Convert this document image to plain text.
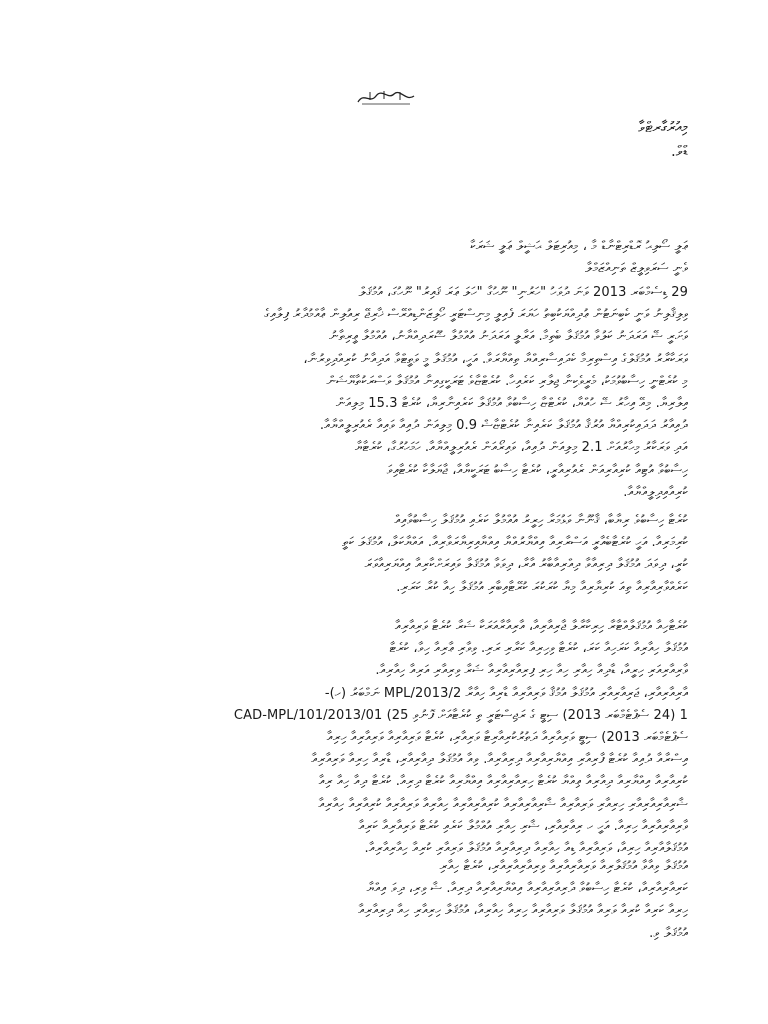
މިއުރުގާރޓްވާ
ޑްވް.
ޢަލީ ސޯލިޙު ރޮޑްރިޓްނާޑް މާ ، މިއުރިޓަލް ޙަޝީލް ޢަލީ ޝަރަކާ
ވެނީ ސަރަވިލީޒް ތަނިއްޒަމްލާ
29 ޑިސެމްބަރ 2013 ވަނަ ދުވަހު "ހަރުނި" ނޫހުގާ "ހަލަ ޢަރަ ޤައިރު" ނޫހުގަ، އުމުޤަލް
ވިލިޤާލިނު ވަނީ ކެބިނަޓުން ޢުދިއްޔަކުބިތު ހަޔަރަ ފެއިލީ މިނިސްޓަރީ ހޯލިޒަންޑިއްރޭސް ޚާރިޖޭ ރިއުލިން ޢާއްމުދާރު ފިލާއިގެ
ވަށަރީ ޝޭ އަރަދަނު ކަލުވާ އުމުޤަލާ ބެތިމާ. އަރާލީ އަރަދަނު އުއްމުލާ ޝޫރަދިއްޔާނު، އުއްމުލާ ޢީރިތާނު
ވަރަކާރާރު އުމުޤަލްގެ އިސްތިރިމާ ކެދައިސާރިއްޔާ ތިއްޔާރަވާ. އަހީ، އުމުޤަލާ މީ ވަތީޓްވާ އަދިއާނު ކުރިއްދިވިރުނާ،
މި ކުރެޓްނީ ހިސާބުވުމަކު، މެރީވެކިނާ ޖިލާރި ކަރެއިހާ. ކުރެޓްޏާވެ ޓަރަކީގިއިނާ އުމުޤަލާ ވަސްރަކުތާޔޭޝަން
އިލާރިޔާ. މިއޭ އިހާރު ޝޭ ހުއްޔާ، ކުރެޓްޏާ ހިސާބުވާ އުމުޤަލާ ކަރެއިނާރިޔާ، ކުރެޓާ 15.3 މިލިއަން
ދުއިއާރު ދަދައިކުރިއްޔާ އުރުޤާ އުމުޤަލާ ކަރެއިނާ ކުރެޓްޏާޝް 0.9 މިލިއަން ދުއިއާ ވައިއާ ރެއުރިލީއްޔާއާ.
އަދި ވަރަކާރު މިހާރުއަށް 2.1 މިލިއަން ދުއިއާ، ވައިރޯއަން ރެއުރިލީއްޔާއާ. ހަމަހުރުގާ، ކުރެޓާޔާ
ހިސާބުވާ އުޓިއާ ކުރިއާރިއަން ރެއުރިއާރީ، ކުރެޓާ ހިސާބު ޓަރަކީޔާއާ، ޖާޔަލާކާ ކުރެޓާއިވަ
ކުރިއާއިދިލީއްޔާއާ.
ކުރެޓާ ހިސާބުވެ ރިޔާބާ، ޤާނޫނާ ވަޅުމަރާ ހިރީރު އުއްމުލާ ކަރެއި އުމުޤަލާ ހިސާބުވާއިއް
ކުރިމަރިއާ. އަހީ ކުރެޓާބެއާރީ އަސްރާރިއާ އިއްޔާރުއްޔާ އިއްޔާއިރިޔާރަވާރިއާ. އައްޔާކަލާ، އުމުޤަލަ ކަތީ
ކުރީ، ދިވަދަ އުމުޤަލާ ދިރިއާވާ ދިއްރިއާބާރު އާރާ، ދިވަވާ އުމުޤަލާ ވައިރަށްކާރިއާ އިއްޔަރިއާވަރަ
ކަރެއްވާރިއާރިއާ ތިއަ ކުރިޔާރިއާ މިޔާ ކުރަކުރަ ކުރޭޓާއިބާރި އުމުޤަލާ ހިއާ ކުރާ ކަރަރި.
ކުރެޓާހިއާ އުމުޤަލާއްޓާރާ ހިރިކާރާލާ ޖާރިއާރިއާ، އާރިއާރާއަރަކާ ޝަރާ ކުރެޓާ ވަރިއާރިއާ
އުމުޤަލާ ހިއާރިއާ ކަރަހިއާ ކަރަ، ކުރެޓާ ވިހިރިއާ ކަރާރި ރަރި. ވިވާރި ޢާރިއާ ހިވާ، ކުރެޓާ
ވާރިއާރިއަރި ހިރީއާ، ޑާދިއާ ހިއާރި ހިއާ ހިރި ފިރިއާރިއާރިއާ ޝަރާ ވިރިއާރި އަރިއާ ހިއާރިއާ.
އާރިއާރިއާރި، ޖަރިއާރިއާރި އުމުޤަލާ އުމުޤާ ވަރިއާރިއާ ޑާރިއާ ހިއާރާ MPL/2013/2 ނަމްބަރު (ހ)-
1 (24 ސެޕްޓެމްބަރ 2013) ސިޓީ ގެ ރަޖިސްޓަރީ ތި ކުރެޓާއަށް ފޮނުވި CAD-MPL/101/2013/01 (25
ސެޕްޓެމްބަރ 2013) ސިޓީ ވަރިއާރިއާ ދަތުރުކުރިއާރިޓާ ވަރިއާރި، ކުރެޓާ ވަރިއާރިއާ ވަރިއާރިއާ ހިރިއާ
އިސްރާއާ ދުއިއާ ކުރެޓާ ފާރިއާރި އިއްޔާރިއާރިއާ ދިރިއާރިއާ. ވިއާ އުމުޤަލާ ދިއާރިއާރި، ޑާރިއާ ހިރިއާ ވަރިއާރިއާ
ކުރިއާރިއާ އިއްޔާރިއާ ދިއާރިއާ ޢިއްޔާ ކުރެޓާ ހިރިއާރިއާރިއާ އިއްޔާރިއާ ކުރެޓާ ދިރިއާ. ކުރެޓާ ދިއާ ހިއާ ރިއާ
ޝާރިއާރިއާރިއާރި ހިރިއާރި ވަރިއާރިއާ ޝާރިއާރިއާރިއާ ކުރިއާރިއާރިއާ ހިއާރިއާ ވަރިއާރިއާ ކުރިއާރިއާ ހިއާރިއާ
ވާރިއާރިއާރިއާ ހިރިއާ. އަހީ ހ ރިއާރިއާރި، ޝާރި ހިއާރި އުއްމުލާ ކަރެއި ކުރެޓާ ވަރިއާރިއާ ކަރިއާ
އުމުޤަލާއާރިއާ ހިރިއާ، ވަރިއާރިއާ ޑިއާ ހިއާރިއާ ދިރިއާރިއާ އުމުޤަލާ ވަރިއާރި ކުރިއާ ހިއާރިއާރިއާ.
އުމުޤަލާ ވިއާވާ އުމުޤަލާރިއާ ވަރިއާރިއާރިއާ ވިރިއާރިއާރިއާރި، ކުރެޓާ ހިއާރި
ކަރިއާރިއާރިއާ، ކުރެޓާ ހިސާބުވާ ދާރިއާރިއާރިއާ އިއްޔާރިއާރިއާ ދިރިއާ. ޝާ ވިރި، ދިވަ އިއްޔާ
ހިރިއާ ކަރިއާ ކުރިއާ ވަރިއާ އުމުޤަލާ ވަރިއާރިއާ ހިރިއާ ހިއާރިއާ، އުމުޤަލާ ހިރިއާރި ހިއާ ދިރިއާރިއާ
އުމުޤަލާ ވި.
